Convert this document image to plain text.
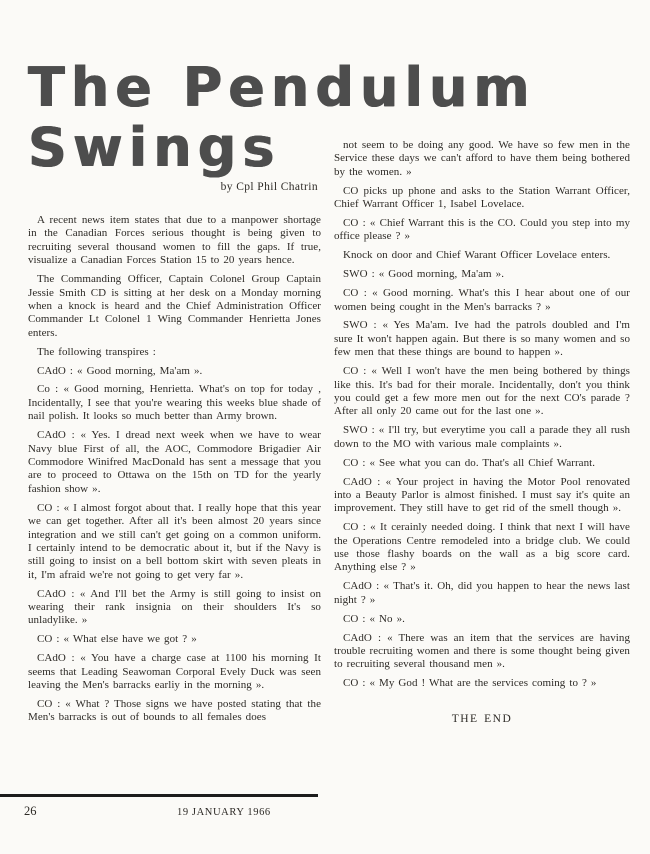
The Pendulum
Swings
by Cpl Phil Chatrin

A recent news item states that due to a manpower shortage in the Canadian Forces serious thought is being given to recruiting several thousand women to fill the gaps. If true, visualize a Canadian Forces Station 15 to 20 years hence.

The Commanding Officer, Captain Colonel Group Captain Jessie Smith CD is sitting at her desk on a Monday morning when a knock is heard and the Chief Administration Officer Commander Lt Colonel 1 Wing Commander Henrietta Jones enters.

The following transpires :

CAdO : « Good morning, Ma'am ».

Co : « Good morning, Henrietta. What's on top for today , Incidentally, I see that you're wearing this weeks blue shade of nail polish. It looks so much better than Army brown.

CAdO : « Yes. I dread next week when we have to wear Navy blue First of all, the AOC, Commodore Brigadier Air Commodore Winifred MacDonald has sent a message that you are to proceed to Ottawa on the 15th on TD for the yearly fashion show ».

CO : « I almost forgot about that. I really hope that this year we can get together. After all it's been almost 20 years since integration and we still can't get going on a common uniform. I certainly intend to be democratic about it, but if the Navy is still going to insist on a bell bottom skirt with seven pleats in it, I'm afraid we're not going to get very far ».

CAdO : « And I'll bet the Army is still going to insist on wearing their rank insignia on their shoulders It's so unladylike. »

CO : « What else have we got ? »

CAdO : « You have a charge case at 1100 his morning It seems that Leading Seawoman Corporal Evely Duck was seen leaving the Men's barracks earliy in the morning ».

CO : « What ? Those signs we have posted stating that the Men's barracks is out of bounds to all females does

not seem to be doing any good. We have so few men in the Service these days we can't afford to have them being bothered by the women. »

CO picks up phone and asks to the Station Warrant Officer, Chief Warrant Officer 1, Isabel Lovelace.

CO : « Chief Warrant this is the CO. Could you step into my office please ? »

Knock on door and Chief Warant Officer Lovelace enters.

SWO : « Good morning, Ma'am ».

CO : « Good morning. What's this I hear about one of our women being cought in the Men's barracks ? »

SWO : « Yes Ma'am. Ive had the patrols doubled and I'm sure It won't happen again. But there is so many women and so few men that these things are bound to happen ».

CO : « Well I won't have the men being bothered by things like this. It's bad for their morale. Incidentally, don't you think you could get a few more men out for the next CO's parade ? After all only 20 came out for the last one ».

SWO : « I'll try, but everytime you call a parade they all rush down to the MO with various male complaints ».

CO : « See what you can do. That's all Chief Warrant.

CAdO : « Your project in having the Motor Pool renovated into a Beauty Parlor is almost finished. I must say it's quite an improvement. They still have to get rid of the smell though ».

CO : « It cerainly needed doing. I think that next I will have the Operations Centre remodeled into a bridge club. We could use those flashy boards on the wall as a big score card. Anything else ? »

CAdO : « That's it. Oh, did you happen to hear the news last night ? »

CO : « No ».

CAdO : « There was an item that the services are having trouble recruiting women and there is some thought being given to recruiting several thousand men ».

CO : « My God ! What are the services coming to ? »

THE END

26	19 JANUARY 1966
